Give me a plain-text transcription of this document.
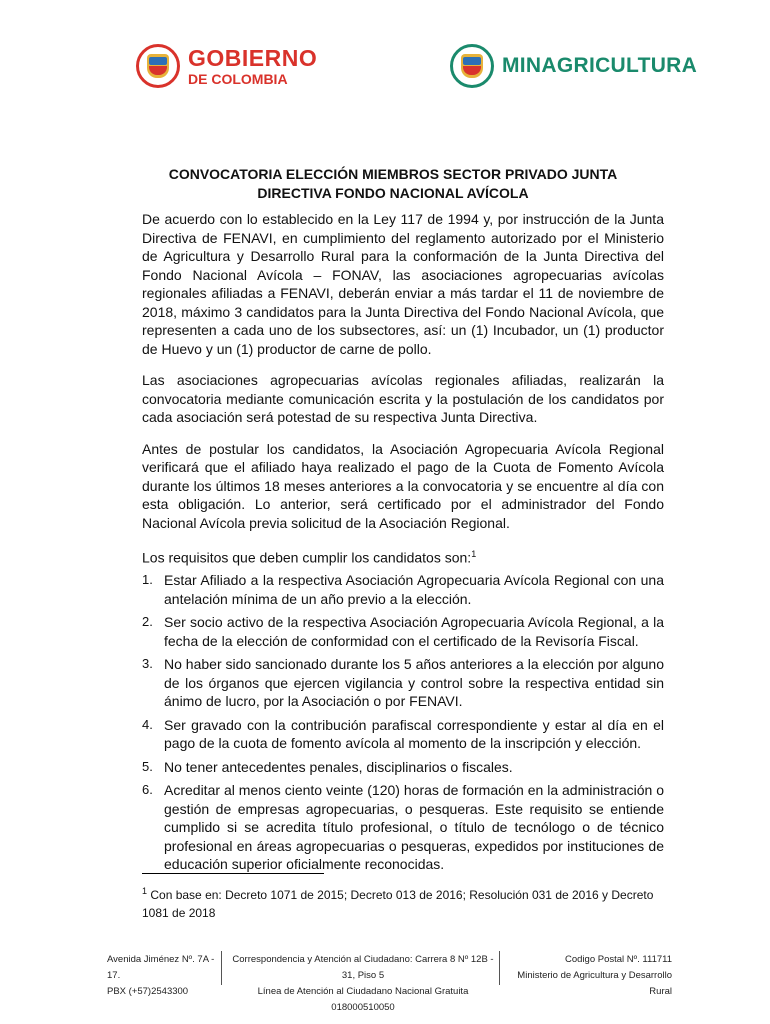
GOBIERNO
DE COLOMBIA
MINAGRICULTURA
CONVOCATORIA ELECCIÓN MIEMBROS SECTOR PRIVADO JUNTA DIRECTIVA FONDO NACIONAL AVÍCOLA

De acuerdo con lo establecido en la Ley 117 de 1994 y, por instrucción de la Junta Directiva de FENAVI, en cumplimiento del reglamento autorizado por el Ministerio de Agricultura y Desarrollo Rural para la conformación de la Junta Directiva del Fondo Nacional Avícola – FONAV, las asociaciones agropecuarias avícolas regionales afiliadas a FENAVI, deberán enviar a más tardar el 11 de noviembre de 2018, máximo 3 candidatos para la Junta Directiva del Fondo Nacional Avícola, que representen a cada uno de los subsectores, así: un (1) Incubador, un (1) productor de Huevo y un (1) productor de carne de pollo.

Las asociaciones agropecuarias avícolas regionales afiliadas, realizarán la convocatoria mediante comunicación escrita y la postulación de los candidatos por cada asociación será potestad de su respectiva Junta Directiva.

Antes de postular los candidatos, la Asociación Agropecuaria Avícola Regional verificará que el afiliado haya realizado el pago de la Cuota de Fomento Avícola durante los últimos 18 meses anteriores a la convocatoria y se encuentre al día con esta obligación. Lo anterior, será certificado por el administrador del Fondo Nacional Avícola previa solicitud de la Asociación Regional.

Los requisitos que deben cumplir los candidatos son:$^1$

1. Estar Afiliado a la respectiva Asociación Agropecuaria Avícola Regional con una antelación mínima de un año previo a la elección.
2. Ser socio activo de la respectiva Asociación Agropecuaria Avícola Regional, a la fecha de la elección de conformidad con el certificado de la Revisoría Fiscal.
3. No haber sido sancionado durante los 5 años anteriores a la elección por alguno de los órganos que ejercen vigilancia y control sobre la respectiva entidad sin ánimo de lucro, por la Asociación o por FENAVI.
4. Ser gravado con la contribución parafiscal correspondiente y estar al día en el pago de la cuota de fomento avícola al momento de la inscripción y elección.
5. No tener antecedentes penales, disciplinarios o fiscales.
6. Acreditar al menos ciento veinte (120) horas de formación en la administración o gestión de empresas agropecuarias, o pesqueras. Este requisito se entiende cumplido si se acredita título profesional, o título de tecnólogo o de técnico profesional en áreas agropecuarias o pesqueras, expedidos por instituciones de educación superior oficialmente reconocidas.
$^1$ Con base en: Decreto 1071 de 2015; Decreto 013 de 2016; Resolución 031 de 2016 y Decreto 1081 de 2018
Avenida Jiménez Nº. 7A - 17.
PBX (+57)2543300
Correspondencia y Atención al Ciudadano: Carrera 8 Nº 12B - 31, Piso 5
Línea de Atención al Ciudadano Nacional Gratuita 018000510050
Codigo Postal Nº. 111711
Ministerio de Agricultura y Desarrollo Rural
